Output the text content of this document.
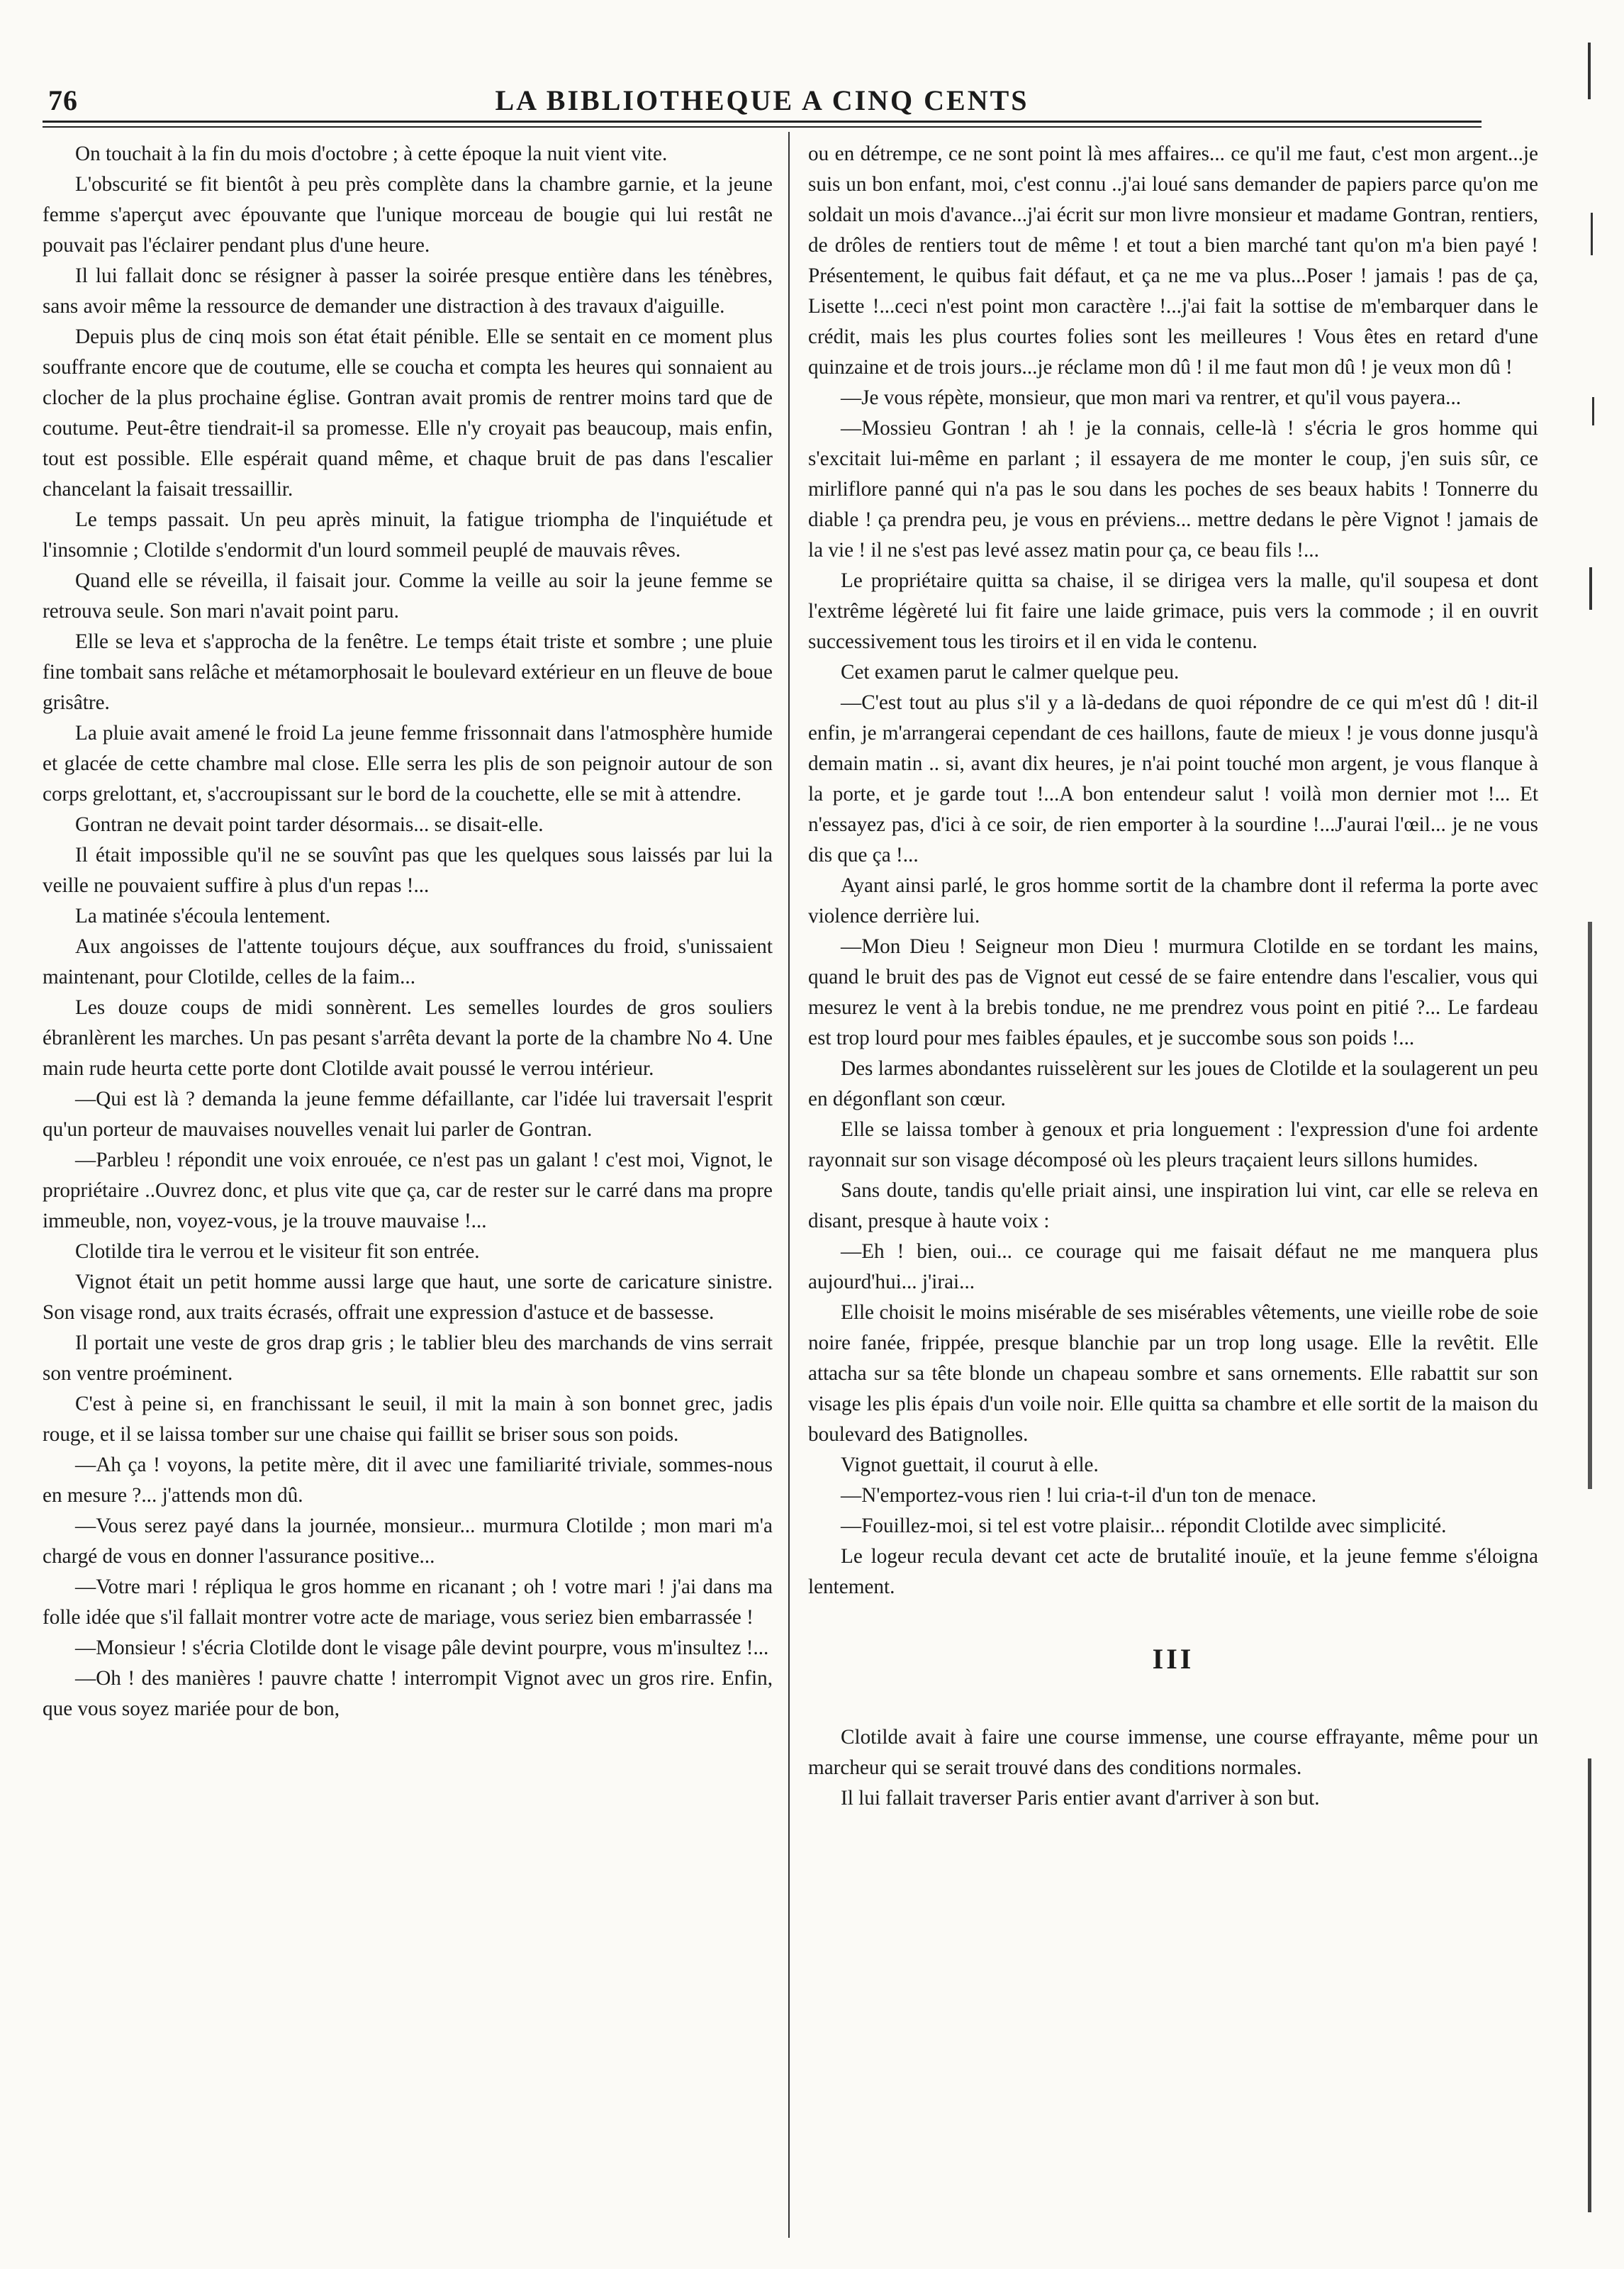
76	LA BIBLIOTHEQUE A CINQ CENTS

On touchait à la fin du mois d'octobre ; à cette époque la nuit vient vite.

L'obscurité se fit bientôt à peu près complète dans la chambre garnie, et la jeune femme s'aperçut avec épouvante que l'unique morceau de bougie qui lui restât ne pouvait pas l'éclairer pendant plus d'une heure.

Il lui fallait donc se résigner à passer la soirée presque entière dans les ténèbres, sans avoir même la ressource de demander une distraction à des travaux d'aiguille.

Depuis plus de cinq mois son état était pénible. Elle se sentait en ce moment plus souffrante encore que de coutume, elle se coucha et compta les heures qui sonnaient au clocher de la plus prochaine église. Gontran avait promis de rentrer moins tard que de coutume. Peut-être tiendrait-il sa promesse. Elle n'y croyait pas beaucoup, mais enfin, tout est possible. Elle espérait quand même, et chaque bruit de pas dans l'escalier chancelant la faisait tressaillir.

Le temps passait. Un peu après minuit, la fatigue triompha de l'inquiétude et l'insomnie ; Clotilde s'endormit d'un lourd sommeil peuplé de mauvais rêves.

Quand elle se réveilla, il faisait jour. Comme la veille au soir la jeune femme se retrouva seule. Son mari n'avait point paru.

Elle se leva et s'approcha de la fenêtre. Le temps était triste et sombre ; une pluie fine tombait sans relâche et métamorphosait le boulevard extérieur en un fleuve de boue grisâtre.

La pluie avait amené le froid La jeune femme frissonnait dans l'atmosphère humide et glacée de cette chambre mal close. Elle serra les plis de son peignoir autour de son corps grelottant, et, s'accroupissant sur le bord de la couchette, elle se mit à attendre.

Gontran ne devait point tarder désormais... se disait-elle.

Il était impossible qu'il ne se souvînt pas que les quelques sous laissés par lui la veille ne pouvaient suffire à plus d'un repas !...

La matinée s'écoula lentement.

Aux angoisses de l'attente toujours déçue, aux souffrances du froid, s'unissaient maintenant, pour Clotilde, celles de la faim...

Les douze coups de midi sonnèrent. Les semelles lourdes de gros souliers ébranlèrent les marches. Un pas pesant s'arrêta devant la porte de la chambre No 4. Une main rude heurta cette porte dont Clotilde avait poussé le verrou intérieur.

—Qui est là ? demanda la jeune femme défaillante, car l'idée lui traversait l'esprit qu'un porteur de mauvaises nouvelles venait lui parler de Gontran.

—Parbleu ! répondit une voix enrouée, ce n'est pas un galant ! c'est moi, Vignot, le propriétaire ..Ouvrez donc, et plus vite que ça, car de rester sur le carré dans ma propre immeuble, non, voyez-vous, je la trouve mauvaise !...

Clotilde tira le verrou et le visiteur fit son entrée.

Vignot était un petit homme aussi large que haut, une sorte de caricature sinistre. Son visage rond, aux traits écrasés, offrait une expression d'astuce et de bassesse.

Il portait une veste de gros drap gris ; le tablier bleu des marchands de vins serrait son ventre proéminent.

C'est à peine si, en franchissant le seuil, il mit la main à son bonnet grec, jadis rouge, et il se laissa tomber sur une chaise qui faillit se briser sous son poids.

—Ah ça ! voyons, la petite mère, dit il avec une familiarité triviale, sommes-nous en mesure ?... j'attends mon dû.

—Vous serez payé dans la journée, monsieur... murmura Clotilde ; mon mari m'a chargé de vous en donner l'assurance positive...

—Votre mari ! répliqua le gros homme en ricanant ; oh ! votre mari ! j'ai dans ma folle idée que s'il fallait montrer votre acte de mariage, vous seriez bien embarrassée !

—Monsieur ! s'écria Clotilde dont le visage pâle devint pourpre, vous m'insultez !...

—Oh ! des manières ! pauvre chatte ! interrompit Vignot avec un gros rire. Enfin, que vous soyez mariée pour de bon,

ou en détrempe, ce ne sont point là mes affaires... ce qu'il me faut, c'est mon argent...je suis un bon enfant, moi, c'est connu ..j'ai loué sans demander de papiers parce qu'on me soldait un mois d'avance...j'ai écrit sur mon livre monsieur et madame Gontran, rentiers, de drôles de rentiers tout de même ! et tout a bien marché tant qu'on m'a bien payé ! Présentement, le quibus fait défaut, et ça ne me va plus...Poser ! jamais ! pas de ça, Lisette !...ceci n'est point mon caractère !...j'ai fait la sottise de m'embarquer dans le crédit, mais les plus courtes folies sont les meilleures ! Vous êtes en retard d'une quinzaine et de trois jours...je réclame mon dû ! il me faut mon dû ! je veux mon dû !

—Je vous répète, monsieur, que mon mari va rentrer, et qu'il vous payera...

—Mossieu Gontran ! ah ! je la connais, celle-là ! s'écria le gros homme qui s'excitait lui-même en parlant ; il essayera de me monter le coup, j'en suis sûr, ce mirliflore panné qui n'a pas le sou dans les poches de ses beaux habits ! Tonnerre du diable ! ça prendra peu, je vous en préviens... mettre dedans le père Vignot ! jamais de la vie ! il ne s'est pas levé assez matin pour ça, ce beau fils !...

Le propriétaire quitta sa chaise, il se dirigea vers la malle, qu'il soupesa et dont l'extrême légèreté lui fit faire une laide grimace, puis vers la commode ; il en ouvrit successivement tous les tiroirs et il en vida le contenu.

Cet examen parut le calmer quelque peu.

—C'est tout au plus s'il y a là-dedans de quoi répondre de ce qui m'est dû ! dit-il enfin, je m'arrangerai cependant de ces haillons, faute de mieux ! je vous donne jusqu'à demain matin .. si, avant dix heures, je n'ai point touché mon argent, je vous flanque à la porte, et je garde tout !...A bon entendeur salut ! voilà mon dernier mot !... Et n'essayez pas, d'ici à ce soir, de rien emporter à la sourdine !...J'aurai l'œil... je ne vous dis que ça !...

Ayant ainsi parlé, le gros homme sortit de la chambre dont il referma la porte avec violence derrière lui.

—Mon Dieu ! Seigneur mon Dieu ! murmura Clotilde en se tordant les mains, quand le bruit des pas de Vignot eut cessé de se faire entendre dans l'escalier, vous qui mesurez le vent à la brebis tondue, ne me prendrez vous point en pitié ?... Le fardeau est trop lourd pour mes faibles épaules, et je succombe sous son poids !...

Des larmes abondantes ruisselèrent sur les joues de Clotilde et la soulagerent un peu en dégonflant son cœur.

Elle se laissa tomber à genoux et pria longuement : l'expression d'une foi ardente rayonnait sur son visage décomposé où les pleurs traçaient leurs sillons humides.

Sans doute, tandis qu'elle priait ainsi, une inspiration lui vint, car elle se releva en disant, presque à haute voix :

—Eh ! bien, oui... ce courage qui me faisait défaut ne me manquera plus aujourd'hui... j'irai...

Elle choisit le moins misérable de ses misérables vêtements, une vieille robe de soie noire fanée, frippée, presque blanchie par un trop long usage. Elle la revêtit. Elle attacha sur sa tête blonde un chapeau sombre et sans ornements. Elle rabattit sur son visage les plis épais d'un voile noir. Elle quitta sa chambre et elle sortit de la maison du boulevard des Batignolles.

Vignot guettait, il courut à elle.

—N'emportez-vous rien ! lui cria-t-il d'un ton de menace.

—Fouillez-moi, si tel est votre plaisir... répondit Clotilde avec simplicité.

Le logeur recula devant cet acte de brutalité inouïe, et la jeune femme s'éloigna lentement.

III

Clotilde avait à faire une course immense, une course effrayante, même pour un marcheur qui se serait trouvé dans des conditions normales.

Il lui fallait traverser Paris entier avant d'arriver à son but.
